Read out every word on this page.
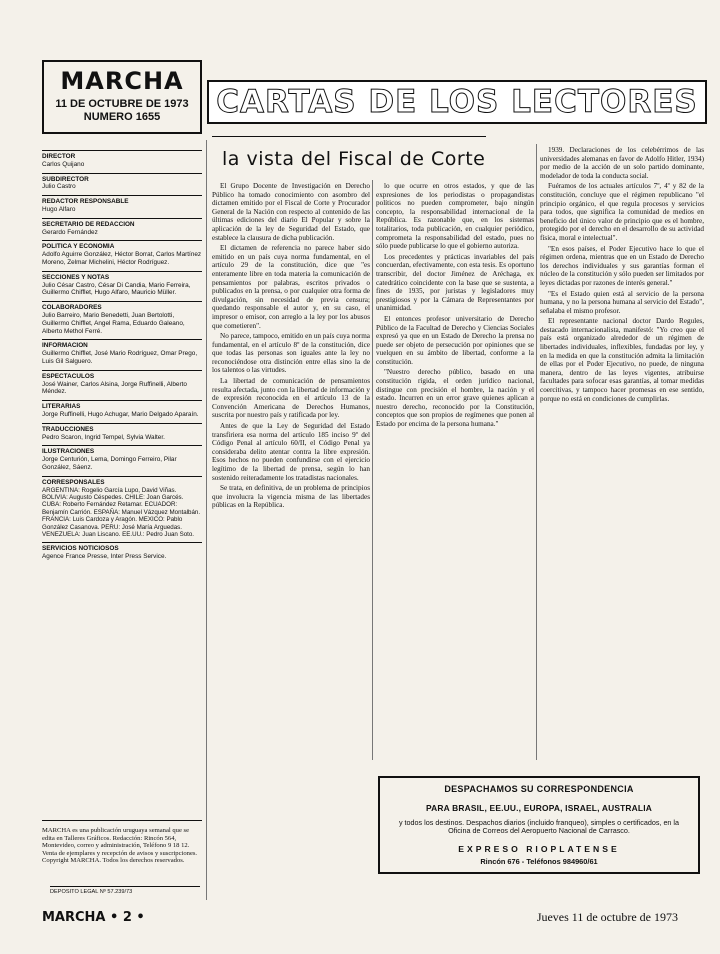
MARCHA
11 DE OCTUBRE DE 1973
NUMERO 1655	CARTAS DE LOS LECTORES
la vista del Fiscal de Corte
DIRECTOR
Carlos Quijano
SUBDIRECTOR
Julio Castro
REDACTOR RESPONSABLE
Hugo Alfaro
SECRETARIO DE REDACCION
Gerardo Fernández
POLITICA Y ECONOMIA
Adolfo Aguirre González, Héctor Borrat, Carlos Martínez Moreno, Zelmar Michelini, Héctor Rodríguez.
SECCIONES Y NOTAS
Julio César Castro, César Di Candia, Mario Ferreira, Guillermo Chifflet, Hugo Alfaro, Mauricio Müller.
COLABORADORES
Julio Barreiro, Mario Benedetti, Juan Bertolotti, Guillermo Chifflet, Angel Rama, Eduardo Galeano, Alberto Methol Ferré.
INFORMACION
Guillermo Chifflet, José Mario Rodríguez, Omar Prego, Luis Gil Salguero.
ESPECTACULOS
José Wainer, Carlos Alsina, Jorge Ruffinelli, Alberto Méndez.
LITERARIAS
Jorge Ruffinelli, Hugo Achugar, Mario Delgado Aparaín.
TRADUCCIONES
Pedro Scaron, Ingrid Tempel, Sylvia Walter.
ILUSTRACIONES
Jorge Centurión, Lema, Domingo Ferreiro, Pilar González, Sáenz.
CORRESPONSALES
ARGENTINA: Rogelio García Lupo, David Viñas. BOLIVIA: Augusto Céspedes. CHILE: Joan Garcés. CUBA: Roberto Fernández Retamar. ECUADOR: Benjamín Carrión. ESPAÑA: Manuel Vázquez Montalbán. FRANCIA: Luis Cardoza y Aragón. MEXICO: Pablo González Casanova. PERU: José María Arguedas. VENEZUELA: Juan Liscano. EE.UU.: Pedro Juan Soto.
SERVICIOS NOTICIOSOS
Agence France Presse, Inter Press Service.
MARCHA es una publicación uruguaya semanal que se edita en Talleres Gráficos. Redacción: Rincón 564, Montevideo, correo y administración, Teléfono 9 18 12. Venta de ejemplares y recepción de avisos y suscripciones. Copyright MARCHA. Todos los derechos reservados.
DEPOSITO LEGAL Nº 57.239/73

El Grupo Docente de Investigación en Derecho Público ha tomado conocimiento con asombro del dictamen emitido por el Fiscal de Corte y Procurador General de la Nación con respecto al contenido de las últimas ediciones del diario El Popular y sobre la aplicación de la ley de Seguridad del Estado, que establece la clausura de dicha publicación.

El dictamen de referencia no parece haber sido emitido en un país cuya norma fundamental, en el artículo 29 de la constitución, dice que "es enteramente libre en toda materia la comunicación de pensamientos por palabras, escritos privados o publicados en la prensa, o por cualquier otra forma de divulgación, sin necesidad de previa censura; quedando responsable el autor y, en su caso, el impresor o emisor, con arreglo a la ley por los abusos que cometieren".

No parece, tampoco, emitido en un país cuya norma fundamental, en el artículo 8º de la constitución, dice que todas las personas son iguales ante la ley no reconociéndose otra distinción entre ellas sino la de los talentos o las virtudes.

La libertad de comunicación de pensamientos resulta afectada, junto con la libertad de información y de expresión reconocida en el artículo 13 de la Convención Americana de Derechos Humanos, suscrita por nuestro país y ratificada por ley.

Antes de que la Ley de Seguridad del Estado transfiriera esa norma del artículo 185 inciso 9º del Código Penal al artículo 60/II, el Código Penal ya consideraba delito atentar contra la libre expresión. Esos hechos no pueden confundirse con el ejercicio legítimo de la libertad de prensa, según lo han sostenido reiteradamente los tratadistas nacionales.

Se trata, en definitiva, de un problema de principios que involucra la vigencia misma de las libertades públicas en la República.

lo que ocurre en otros estados, y que de las expresiones de los periodistas o propagandistas políticos no pueden comprometer, bajo ningún concepto, la responsabilidad internacional de la República. Es razonable que, en los sistemas totalitarios, toda publicación, en cualquier periódico, comprometa la responsabilidad del estado, pues no sólo puede publicarse lo que el gobierno autoriza.

Los precedentes y prácticas invariables del país concuerdan, efectivamente, con esta tesis. Es oportuno transcribir, del doctor Jiménez de Aréchaga, ex catedrático coincidente con la base que se sustenta, a fines de 1935, por juristas y legisladores muy prestigiosos y por la Cámara de Representantes por unanimidad.

El entonces profesor universitario de Derecho Público de la Facultad de Derecho y Ciencias Sociales expresó ya que en un Estado de Derecho la prensa no puede ser objeto de persecución por opiniones que se vuelquen en su ámbito de libertad, conforme a la constitución.

"Nuestro derecho público, basado en una constitución rígida, el orden jurídico nacional, distingue con precisión el hombre, la nación y el estado. Incurren en un error grave quienes aplican a nuestro derecho, reconocido por la Constitución, conceptos que son propios de regímenes que ponen al Estado por encima de la persona humana."

1939. Declaraciones de los celebérrimos de las universidades alemanas en favor de Adolfo Hitler, 1934) por medio de la acción de un solo partido dominante, modelador de toda la conducta social.

Fuéramos de los actuales artículos 7º, 4º y 82 de la constitución, concluye que el régimen republicano "el principio orgánico, el que regula procesos y servicios para todos, que significa la comunidad de medios en beneficio del único valor de principio que es el hombre, protegido por el derecho en el desarrollo de su actividad física, moral e intelectual".

"En esos países, el Poder Ejecutivo hace lo que el régimen ordena, mientras que en un Estado de Derecho los derechos individuales y sus garantías forman el núcleo de la constitución y sólo pueden ser limitados por leyes dictadas por razones de interés general."

"Es el Estado quien está al servicio de la persona humana, y no la persona humana al servicio del Estado", señalaba el mismo profesor.

El representante nacional doctor Dardo Regules, destacado internacionalista, manifestó: "Yo creo que el país está organizado alrededor de un régimen de libertades individuales, inflexibles, fundadas por ley, y en la medida en que la constitución admita la limitación de ellas por el Poder Ejecutivo, no puede, de ninguna manera, dentro de las leyes vigentes, atribuirse facultades para sofocar esas garantías, al tomar medidas coercitivas, y tampoco hacer promesas en ese sentido, porque no está en condiciones de cumplirlas.

DESPACHAMOS SU CORRESPONDENCIA
PARA BRASIL, EE.UU., EUROPA, ISRAEL, AUSTRALIA
y todos los destinos. Despachos diarios (incluido franqueo), simples o certificados, en la Oficina de Correos del Aeropuerto Nacional de Carrasco.
EXPRESO RIOPLATENSE
Rincón 676 - Teléfonos 984960/61
MARCHA • 2 •	Jueves 11 de octubre de 1973
